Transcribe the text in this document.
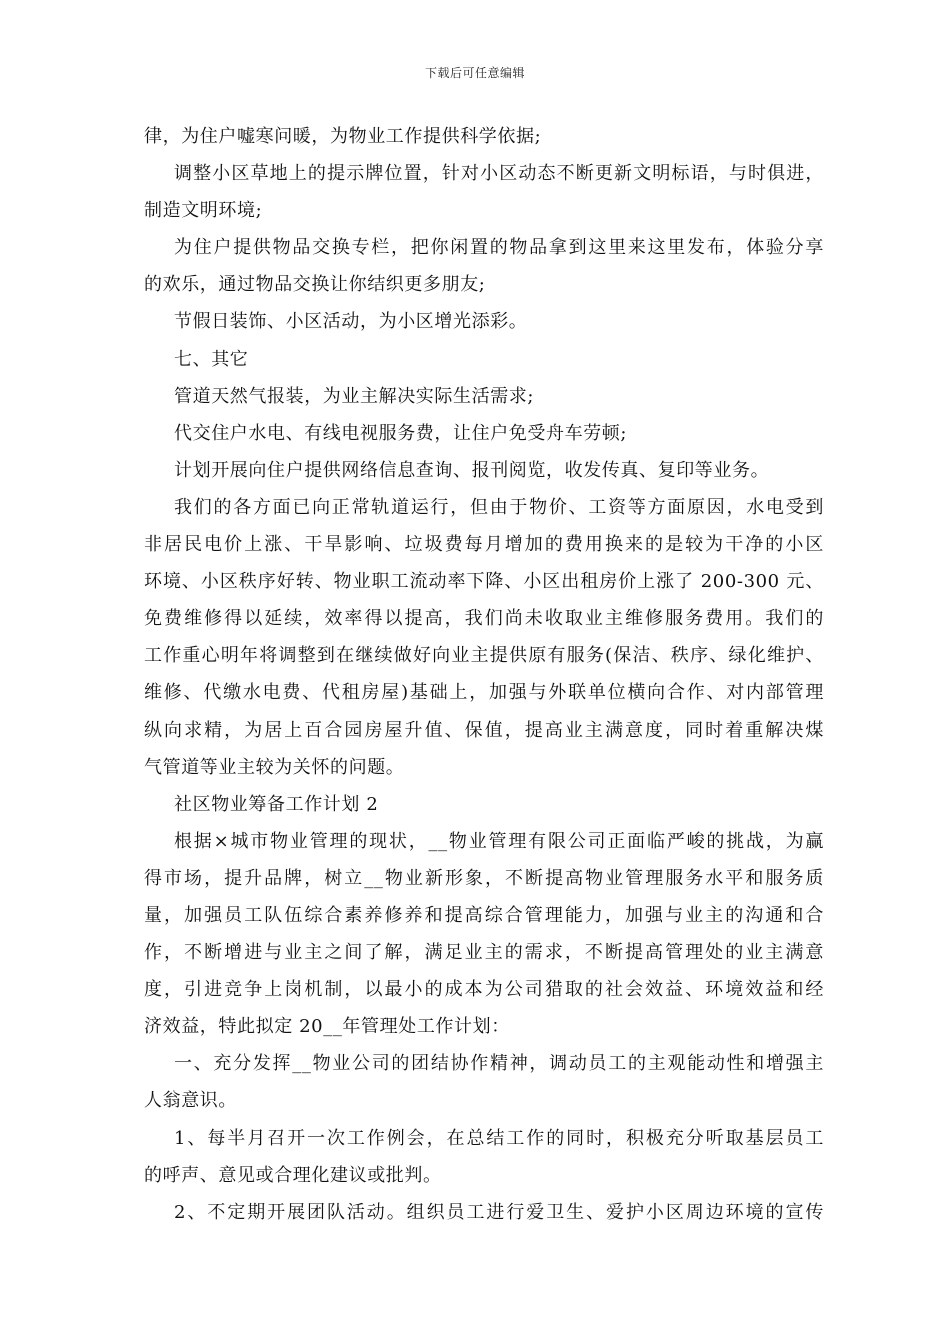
下载后可任意编辑
律，为住户嘘寒问暖，为物业工作提供科学依据;
调整小区草地上的提示牌位置，针对小区动态不断更新文明标语，与时俱进，
制造文明环境;
为住户提供物品交换专栏，把你闲置的物品拿到这里来这里发布，体验分享
的欢乐，通过物品交换让你结织更多朋友;
节假日装饰、小区活动，为小区增光添彩。
七、其它
管道天然气报装，为业主解决实际生活需求;
代交住户水电、有线电视服务费，让住户免受舟车劳顿;
计划开展向住户提供网络信息查询、报刊阅览，收发传真、复印等业务。
我们的各方面已向正常轨道运行，但由于物价、工资等方面原因，水电受到
非居民电价上涨、干旱影响、垃圾费每月增加的费用换来的是较为干净的小区
环境、小区秩序好转、物业职工流动率下降、小区出租房价上涨了 200-300 元、
免费维修得以延续，效率得以提高，我们尚未收取业主维修服务费用。我们的
工作重心明年将调整到在继续做好向业主提供原有服务(保洁、秩序、绿化维护、
维修、代缴水电费、代租房屋)基础上，加强与外联单位横向合作、对内部管理
纵向求精，为居上百合园房屋升值、保值，提高业主满意度，同时着重解决煤
气管道等业主较为关怀的问题。
社区物业筹备工作计划 2
根据×城市物业管理的现状，__物业管理有限公司正面临严峻的挑战，为赢
得市场，提升品牌，树立__物业新形象，不断提高物业管理服务水平和服务质
量，加强员工队伍综合素养修养和提高综合管理能力，加强与业主的沟通和合
作，不断增进与业主之间了解，满足业主的需求，不断提高管理处的业主满意
度，引进竞争上岗机制，以最小的成本为公司猎取的社会效益、环境效益和经
济效益，特此拟定 20__年管理处工作计划：
一、充分发挥__物业公司的团结协作精神，调动员工的主观能动性和增强主
人翁意识。
1、每半月召开一次工作例会，在总结工作的同时，积极充分听取基层员工
的呼声、意见或合理化建议或批判。
2、不定期开展团队活动。组织员工进行爱卫生、爱护小区周边环境的宣传
